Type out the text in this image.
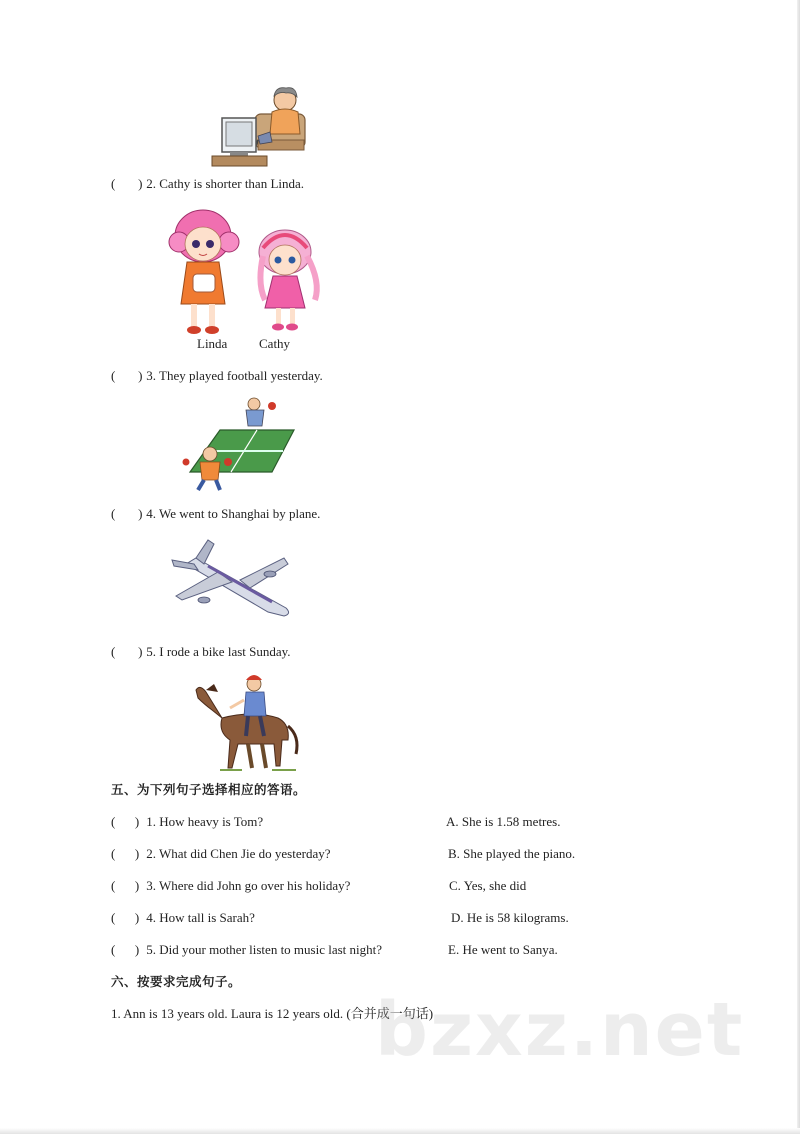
( ) 2. Cathy is shorter than Linda.
Linda Cathy
( ) 3. They played football yesterday.
( ) 4. We went to Shanghai by plane.
( ) 5. I rode a bike last Sunday.
五、为下列句子选择相应的答语。
( ) 1. How heavy is Tom?	A. She is 1.58 metres.
( ) 2. What did Chen Jie do yesterday?	B. She played the piano.
( ) 3. Where did John go over his holiday?	C. Yes, she did
( ) 4. How tall is Sarah?	D. He is 58 kilograms.
( ) 5. Did your mother listen to music last night?	E. He went to Sanya.
六、按要求完成句子。
1. Ann is 13 years old. Laura is 12 years old. (合并成一句话)
bzxz.net
